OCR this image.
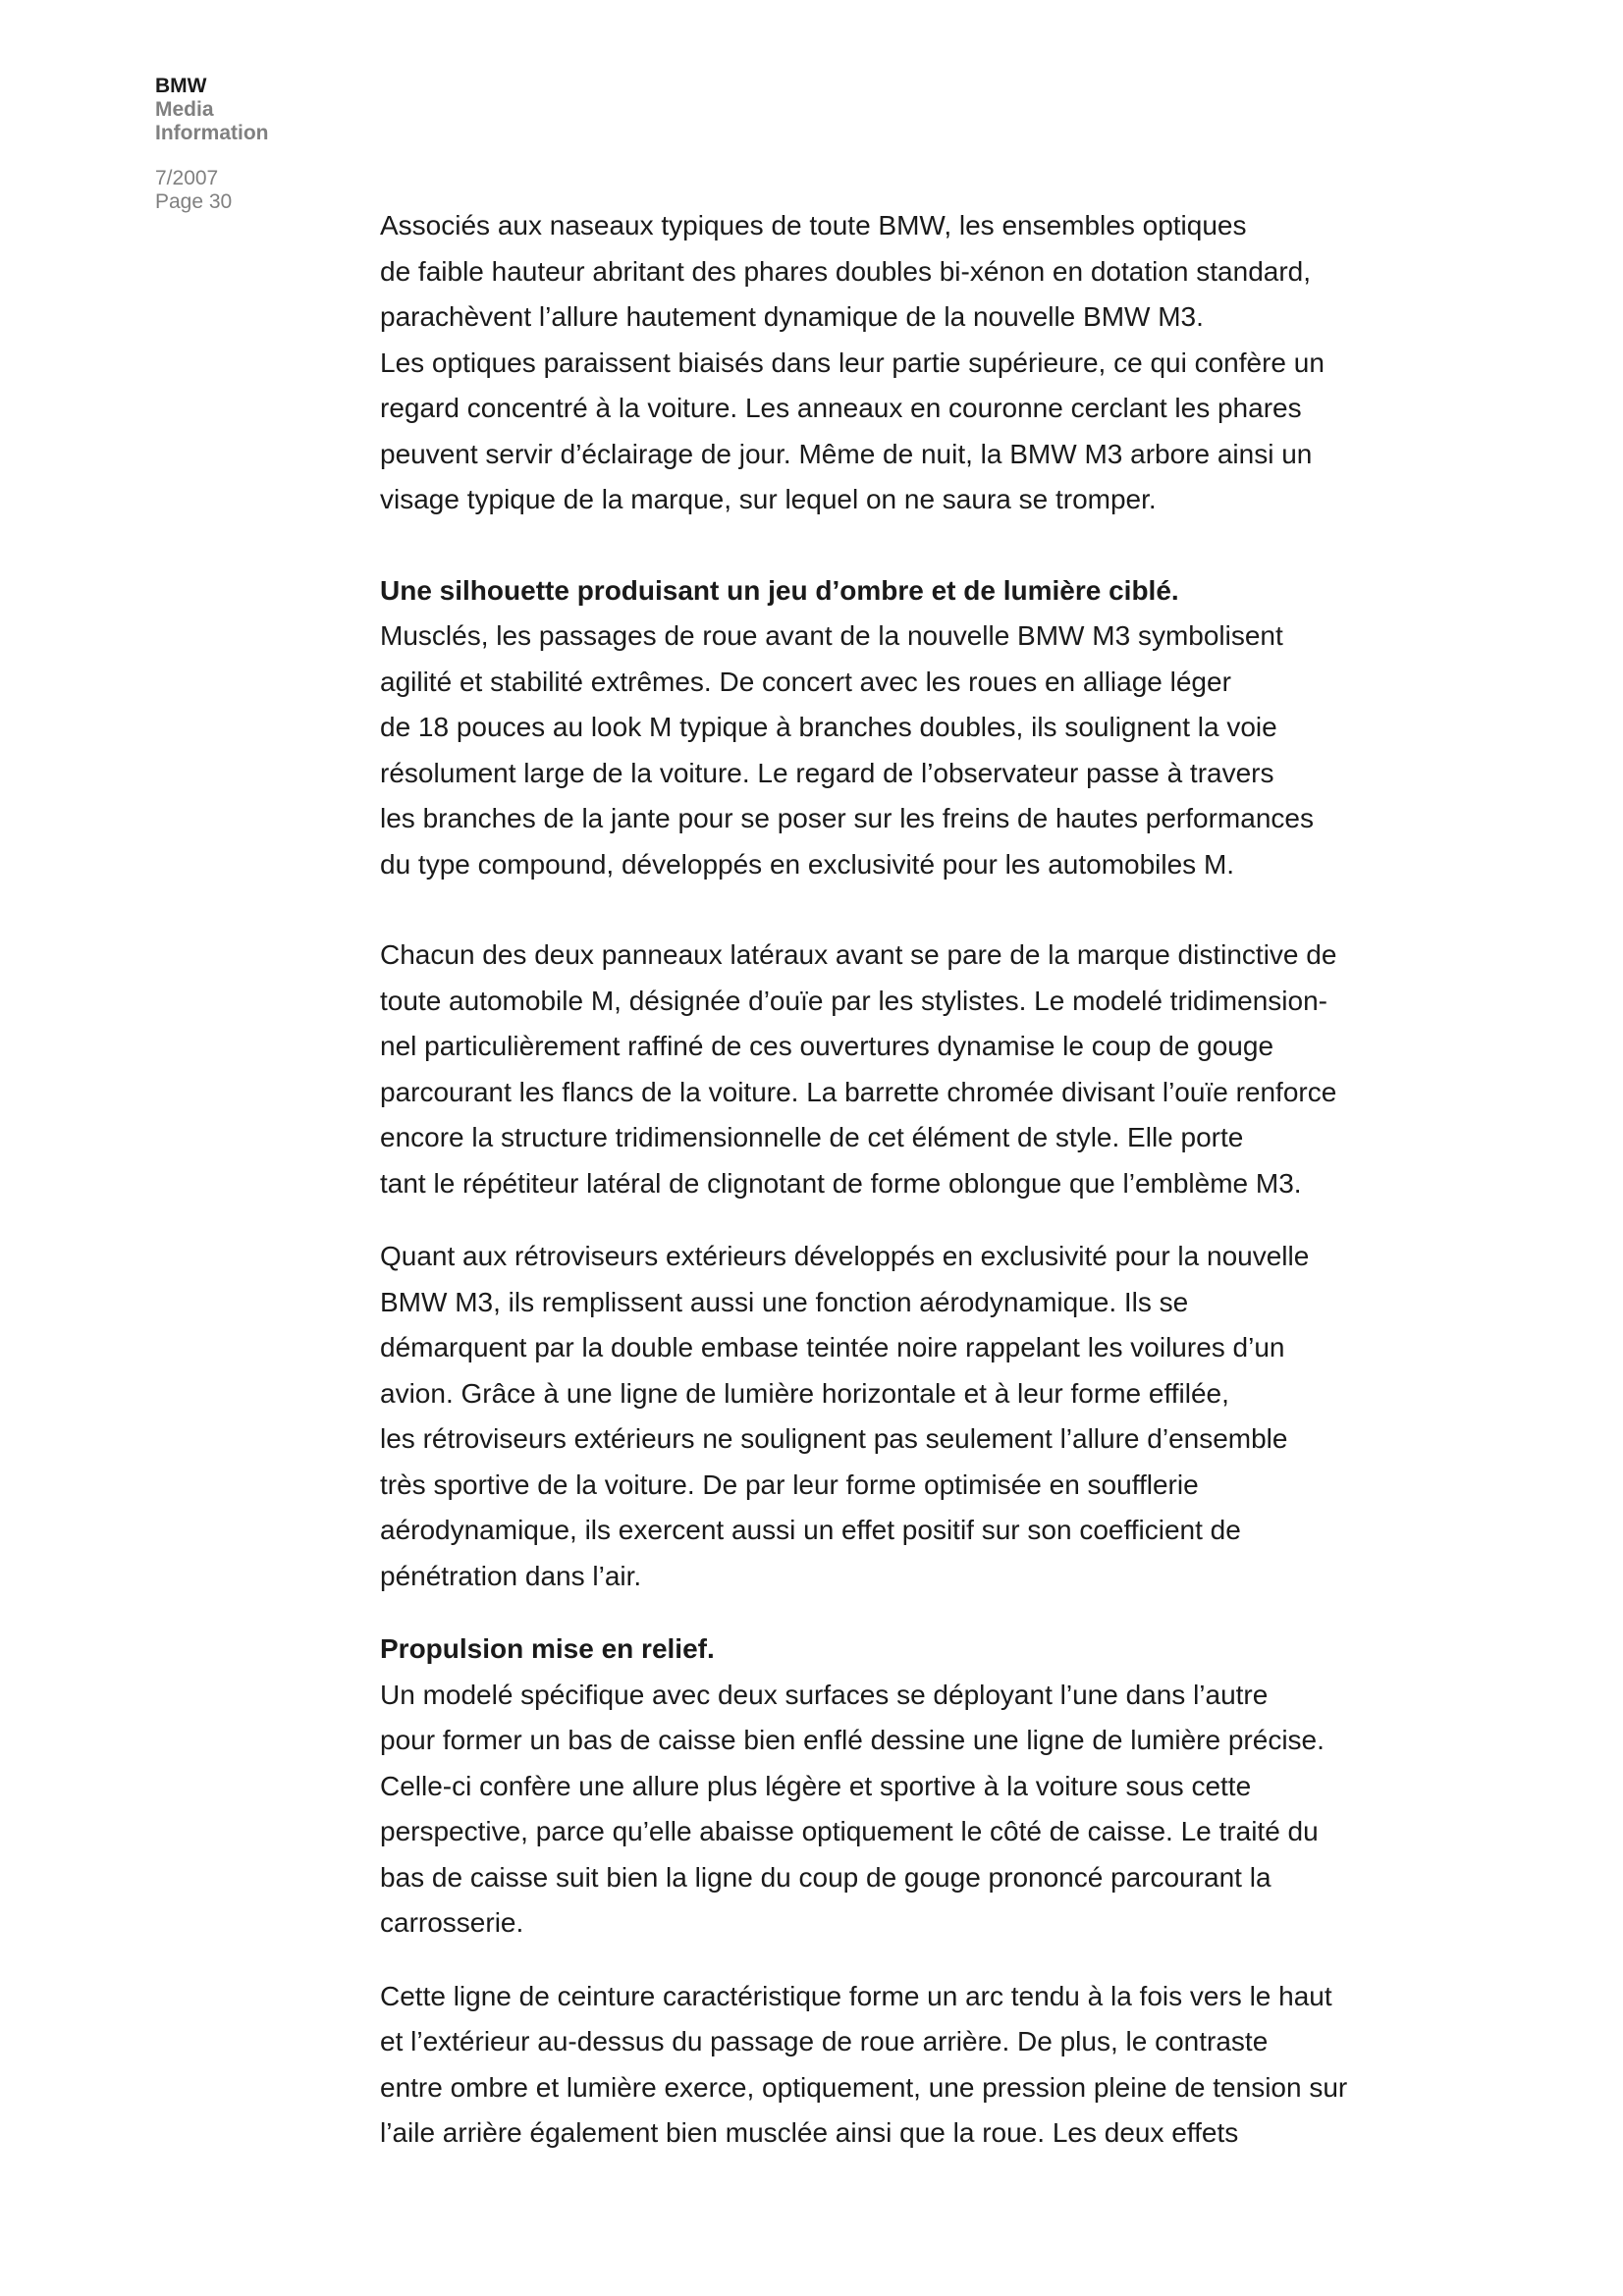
BMW
Media
Information
7/2007
Page 30
Associés aux naseaux typiques de toute BMW, les ensembles optiques
de faible hauteur abritant des phares doubles bi-xénon en dotation standard,
parachèvent l’allure hautement dynamique de la nouvelle BMW M3.
Les optiques paraissent biaisés dans leur partie supérieure, ce qui confère un
regard concentré à la voiture. Les anneaux en couronne cerclant les phares
peuvent servir d’éclairage de jour. Même de nuit, la BMW M3 arbore ainsi un
visage typique de la marque, sur lequel on ne saura se tromper.
Une silhouette produisant un jeu d’ombre et de lumière ciblé.
Musclés, les passages de roue avant de la nouvelle BMW M3 symbolisent
agilité et stabilité extrêmes. De concert avec les roues en alliage léger
de 18 pouces au look M typique à branches doubles, ils soulignent la voie
résolument large de la voiture. Le regard de l’observateur passe à travers
les branches de la jante pour se poser sur les freins de hautes performances
du type compound, développés en exclusivité pour les automobiles M.
Chacun des deux panneaux latéraux avant se pare de la marque distinctive de
toute automobile M, désignée d’ouïe par les stylistes. Le modelé tridimension-
nel particulièrement raffiné de ces ouvertures dynamise le coup de gouge
parcourant les flancs de la voiture. La barrette chromée divisant l’ouïe renforce
encore la structure tridimensionnelle de cet élément de style. Elle porte
tant le répétiteur latéral de clignotant de forme oblongue que l’emblème M3.
Quant aux rétroviseurs extérieurs développés en exclusivité pour la nouvelle
BMW M3, ils remplissent aussi une fonction aérodynamique. Ils se
démarquent par la double embase teintée noire rappelant les voilures d’un
avion. Grâce à une ligne de lumière horizontale et à leur forme effilée,
les rétroviseurs extérieurs ne soulignent pas seulement l’allure d’ensemble
très sportive de la voiture. De par leur forme optimisée en soufflerie
aérodynamique, ils exercent aussi un effet positif sur son coefficient de
pénétration dans l’air.
Propulsion mise en relief.
Un modelé spécifique avec deux surfaces se déployant l’une dans l’autre
pour former un bas de caisse bien enflé dessine une ligne de lumière précise.
Celle-ci confère une allure plus légère et sportive à la voiture sous cette
perspective, parce qu’elle abaisse optiquement le côté de caisse. Le traité du
bas de caisse suit bien la ligne du coup de gouge prononcé parcourant la
carrosserie.
Cette ligne de ceinture caractéristique forme un arc tendu à la fois vers le haut
et l’extérieur au-dessus du passage de roue arrière. De plus, le contraste
entre ombre et lumière exerce, optiquement, une pression pleine de tension sur
l’aile arrière également bien musclée ainsi que la roue. Les deux effets
